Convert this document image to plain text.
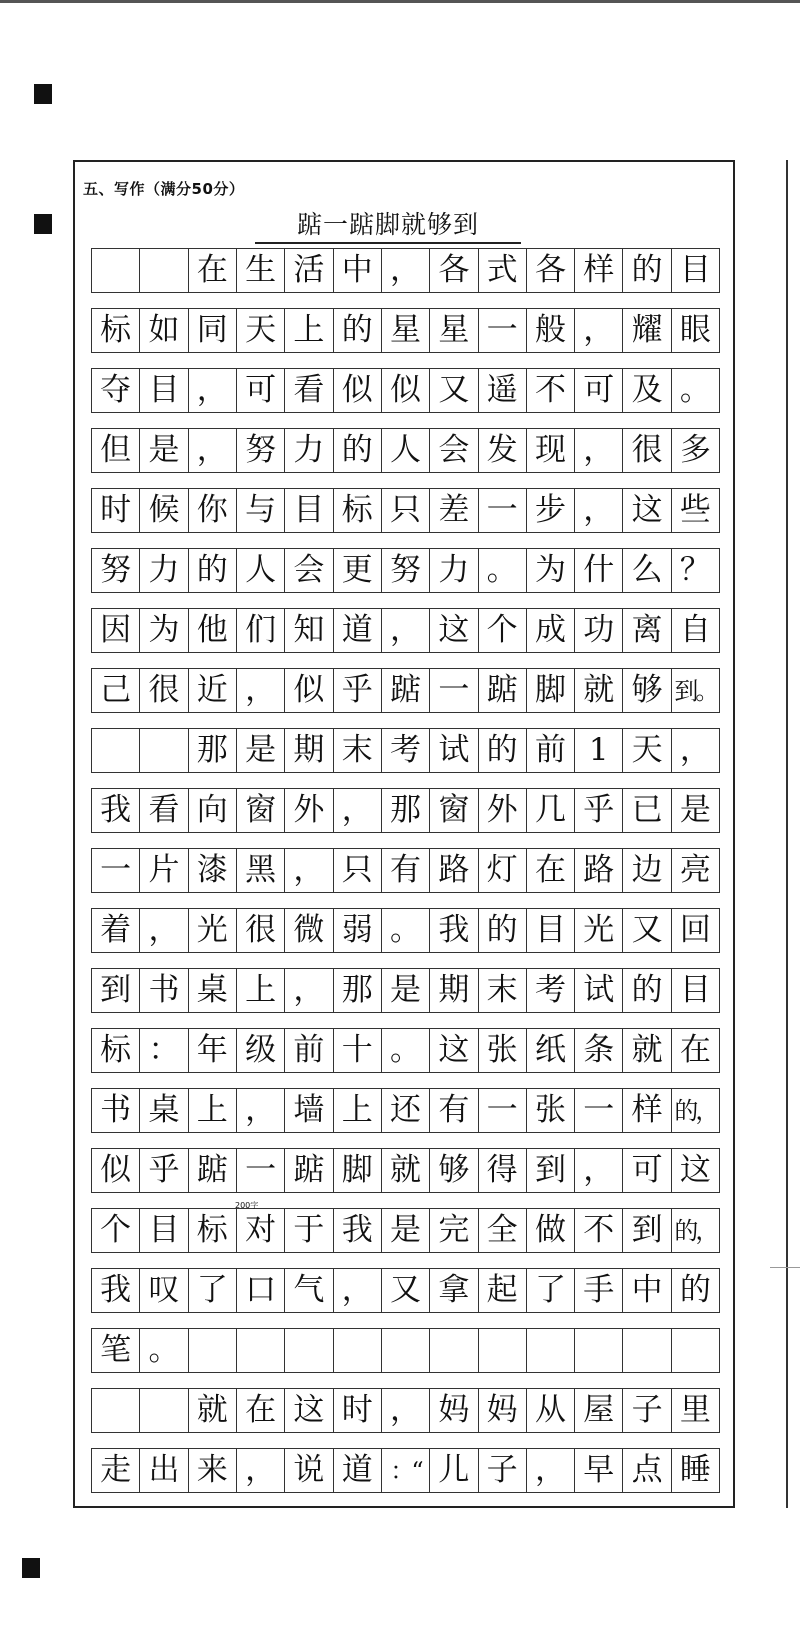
五、写作（满分50分）
踮一踮脚就够到
在 生 活 中 ， 各 式 各 样 的 目
标 如 同 天 上 的 星 星 一 般 ， 耀 眼
夺 目 ， 可 看 似 似 又 遥 不 可 及 。
但 是 ， 努 力 的 人 会 发 现 ， 很 多
时 候 你 与 目 标 只 差 一 步 ， 这 些
努 力 的 人 会 更 努 力 。 为 什 么 ？
因 为 他 们 知 道 ， 这 个 成 功 离 自
己 很 近 ， 似 乎 踮 一 踮 脚 就 够 到。
那 是 期 末 考 试 的 前 1 天 ，
我 看 向 窗 外 ， 那 窗 外 几 乎 已 是
一 片 漆 黑 ， 只 有 路 灯 在 路 边 亮
着 ， 光 很 微 弱 。 我 的 目 光 又 回
到 书 桌 上 ， 那 是 期 末 考 试 的 目
标 ： 年 级 前 十 。 这 张 纸 条 就 在
书 桌 上 ， 墙 上 还 有 一 张 一 样 的，
似 乎 踮 一 踮 脚 就 够 得 到 ， 可 这
个 目 标 对 于 我 是 完 全 做 不 到 的，
我 叹 了 口 气 ， 又 拿 起 了 手 中 的
笔 。
就 在 这 时 ， 妈 妈 从 屋 子 里
走 出 来 ， 说 道 ：“ 儿 子 ， 早 点 睡
200字
